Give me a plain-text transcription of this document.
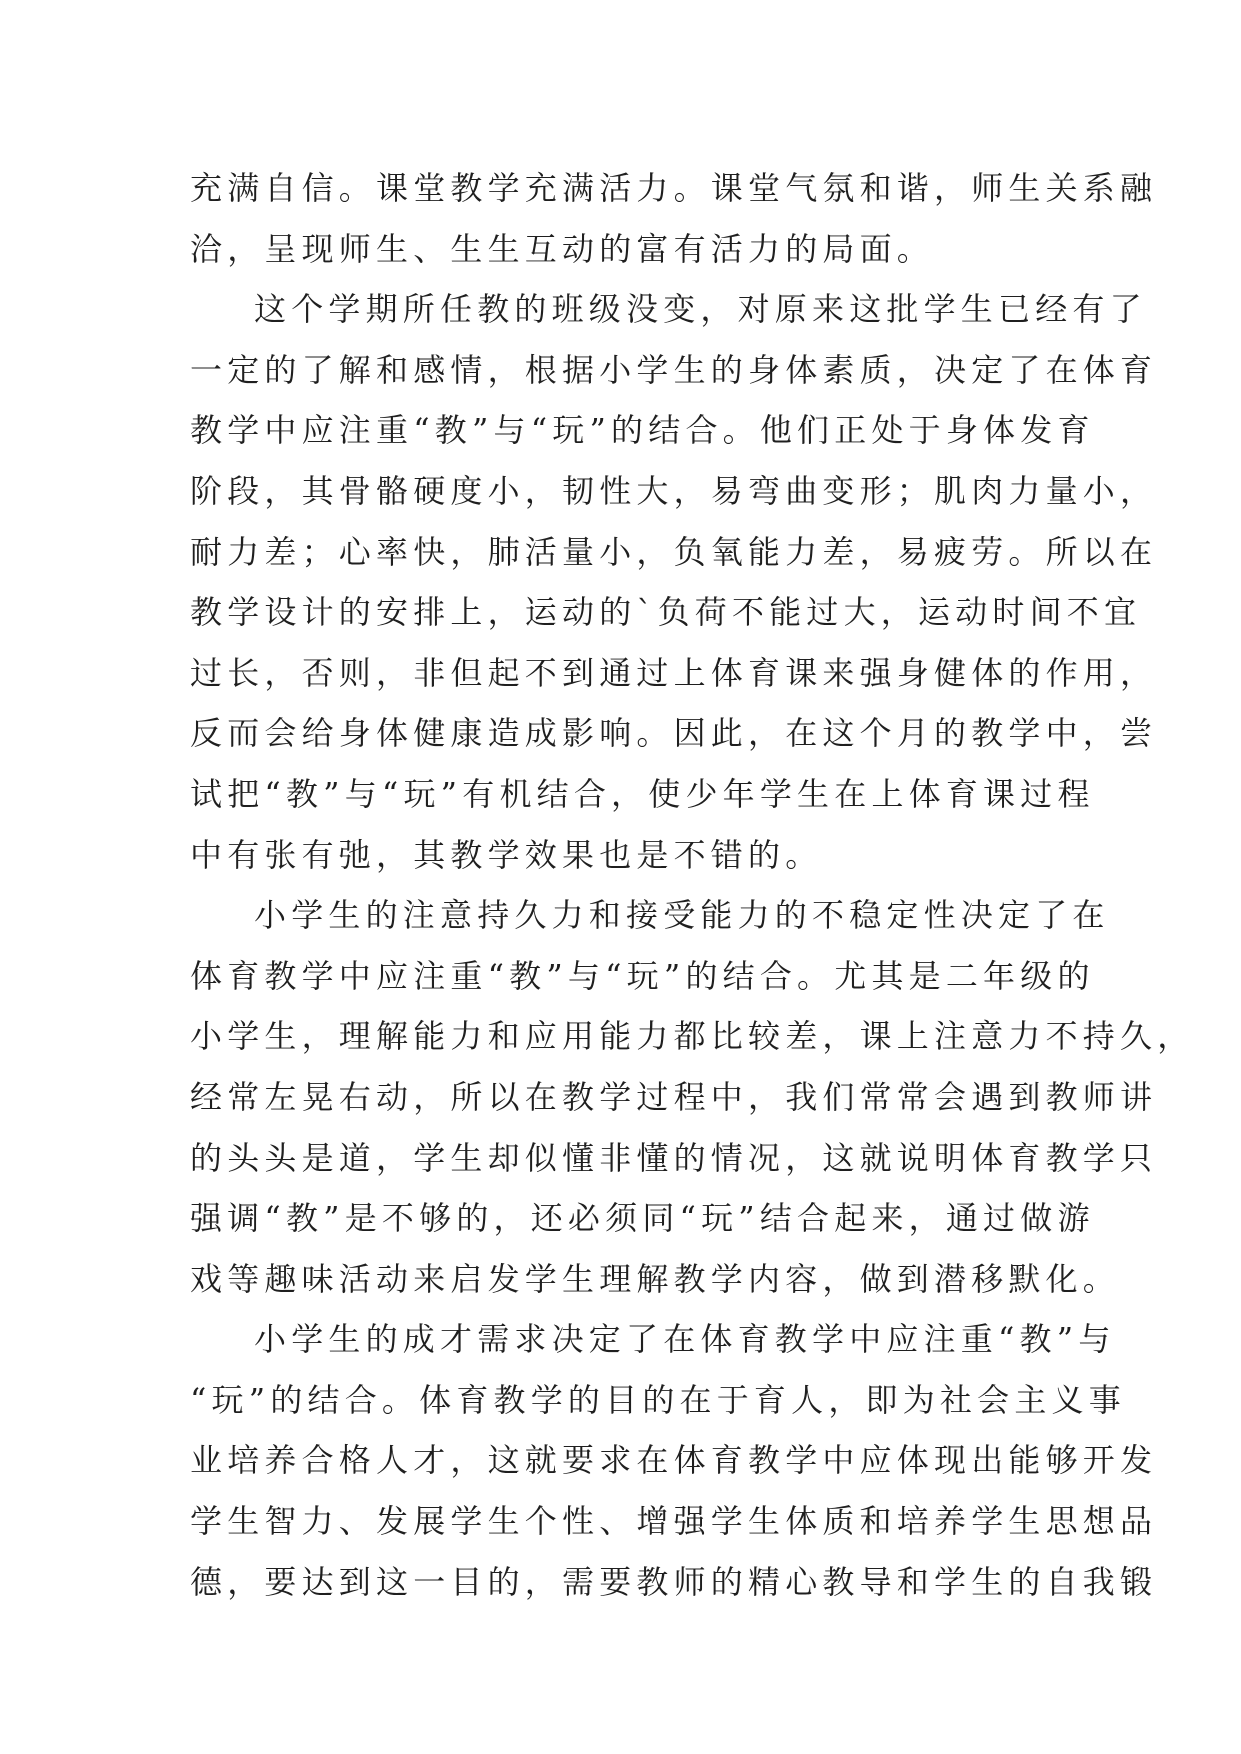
充满自信。课堂教学充满活力。课堂气氛和谐，师生关系融
洽，呈现师生、生生互动的富有活力的局面。
这个学期所任教的班级没变，对原来这批学生已经有了
一定的了解和感情，根据小学生的身体素质，决定了在体育
教学中应注重“教”与“玩”的结合。他们正处于身体发育
阶段，其骨骼硬度小，韧性大，易弯曲变形；肌肉力量小，
耐力差；心率快，肺活量小，负氧能力差，易疲劳。所以在
教学设计的安排上，运动的`负荷不能过大，运动时间不宜
过长，否则，非但起不到通过上体育课来强身健体的作用，
反而会给身体健康造成影响。因此，在这个月的教学中，尝
试把“教”与“玩”有机结合，使少年学生在上体育课过程
中有张有弛，其教学效果也是不错的。
小学生的注意持久力和接受能力的不稳定性决定了在
体育教学中应注重“教”与“玩”的结合。尤其是二年级的
小学生，理解能力和应用能力都比较差，课上注意力不持久，
经常左晃右动，所以在教学过程中，我们常常会遇到教师讲
的头头是道，学生却似懂非懂的情况，这就说明体育教学只
强调“教”是不够的，还必须同“玩”结合起来，通过做游
戏等趣味活动来启发学生理解教学内容，做到潜移默化。
小学生的成才需求决定了在体育教学中应注重“教”与
“玩”的结合。体育教学的目的在于育人，即为社会主义事
业培养合格人才，这就要求在体育教学中应体现出能够开发
学生智力、发展学生个性、增强学生体质和培养学生思想品
德，要达到这一目的，需要教师的精心教导和学生的自我锻
